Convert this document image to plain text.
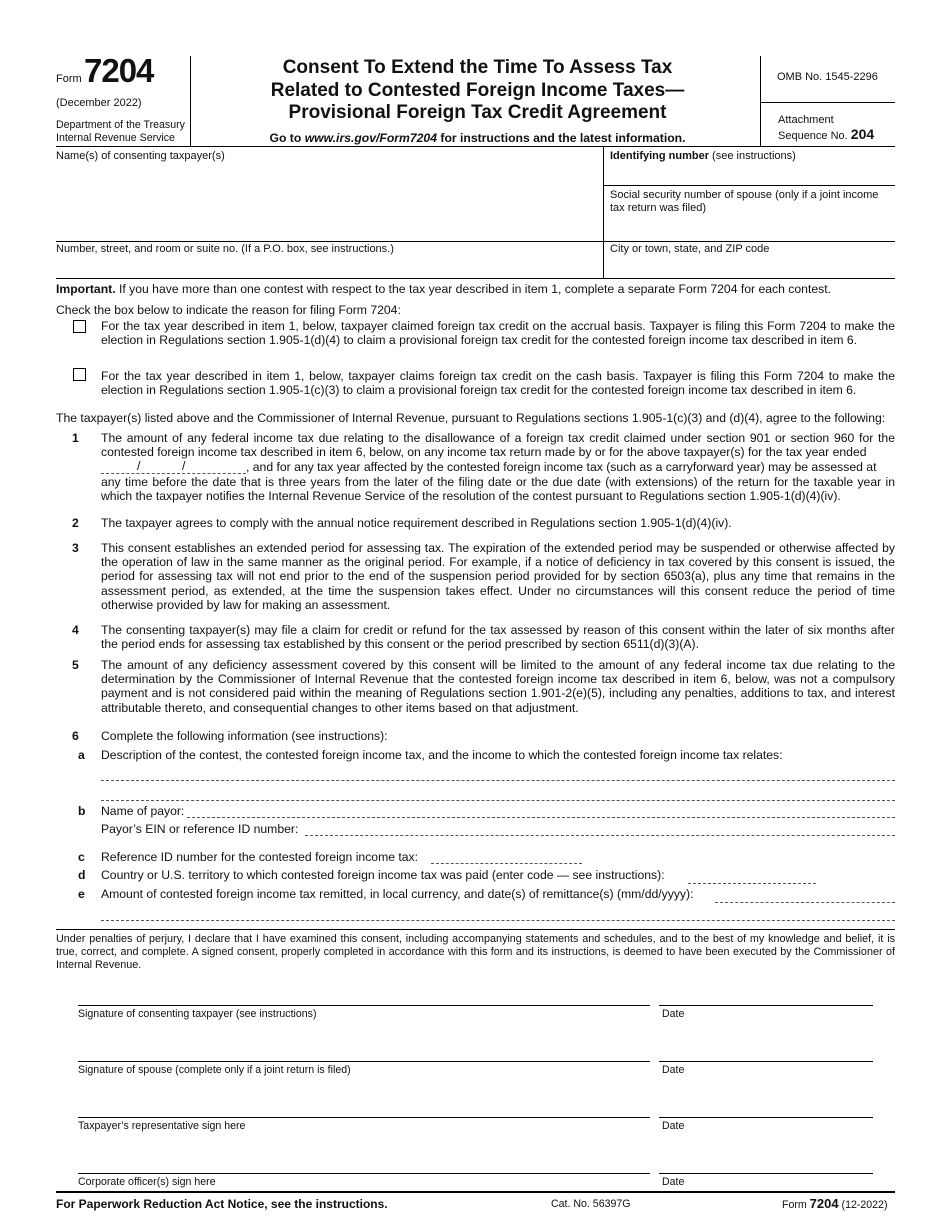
Form 7204
(December 2022)
Department of the Treasury
Internal Revenue Service
Consent To Extend the Time To Assess Tax
Related to Contested Foreign Income Taxes—
Provisional Foreign Tax Credit Agreement
Go to www.irs.gov/Form7204 for instructions and the latest information.
OMB No. 1545-2296
Attachment
Sequence No. 204
Name(s) of consenting taxpayer(s)	Identifying number (see instructions)
Social security number of spouse (only if a joint income tax return was filed)
Number, street, and room or suite no. (If a P.O. box, see instructions.)	City or town, state, and ZIP code
Important. If you have more than one contest with respect to the tax year described in item 1, complete a separate Form 7204 for each contest.
Check the box below to indicate the reason for filing Form 7204:
For the tax year described in item 1, below, taxpayer claimed foreign tax credit on the accrual basis. Taxpayer is filing this Form 7204 to make the election in Regulations section 1.905-1(d)(4) to claim a provisional foreign tax credit for the contested foreign income tax described in item 6.
For the tax year described in item 1, below, taxpayer claims foreign tax credit on the cash basis. Taxpayer is filing this Form 7204 to make the election in Regulations section 1.905-1(c)(3) to claim a provisional foreign tax credit for the contested foreign income tax described in item 6.
The taxpayer(s) listed above and the Commissioner of Internal Revenue, pursuant to Regulations sections 1.905-1(c)(3) and (d)(4), agree to the following:
1 The amount of any federal income tax due relating to the disallowance of a foreign tax credit claimed under section 901 or section 960 for the contested foreign income tax described in item 6, below, on any income tax return made by or for the above taxpayer(s) for the tax year ended
/	/	, and for any tax year affected by the contested foreign income tax (such as a carryforward year) may be assessed at
any time before the date that is three years from the later of the filing date or the due date (with extensions) of the return for the taxable year in which the taxpayer notifies the Internal Revenue Service of the resolution of the contest pursuant to Regulations section 1.905-1(d)(4)(iv).
2 The taxpayer agrees to comply with the annual notice requirement described in Regulations section 1.905-1(d)(4)(iv).
3 This consent establishes an extended period for assessing tax. The expiration of the extended period may be suspended or otherwise affected by the operation of law in the same manner as the original period. For example, if a notice of deficiency in tax covered by this consent is issued, the period for assessing tax will not end prior to the end of the suspension period provided for by section 6503(a), plus any time that remains in the assessment period, as extended, at the time the suspension takes effect. Under no circumstances will this consent reduce the period of time otherwise provided by law for making an assessment.
4 The consenting taxpayer(s) may file a claim for credit or refund for the tax assessed by reason of this consent within the later of six months after the period ends for assessing tax established by this consent or the period prescribed by section 6511(d)(3)(A).
5 The amount of any deficiency assessment covered by this consent will be limited to the amount of any federal income tax due relating to the determination by the Commissioner of Internal Revenue that the contested foreign income tax described in item 6, below, was not a compulsory payment and is not considered paid within the meaning of Regulations section 1.901-2(e)(5), including any penalties, additions to tax, and interest attributable thereto, and consequential changes to other items based on that adjustment.
6 Complete the following information (see instructions):
a Description of the contest, the contested foreign income tax, and the income to which the contested foreign income tax relates:
b Name of payor:
Payor’s EIN or reference ID number:
c Reference ID number for the contested foreign income tax:
d Country or U.S. territory to which contested foreign income tax was paid (enter code — see instructions):
e Amount of contested foreign income tax remitted, in local currency, and date(s) of remittance(s) (mm/dd/yyyy):
Under penalties of perjury, I declare that I have examined this consent, including accompanying statements and schedules, and to the best of my knowledge and belief, it is true, correct, and complete. A signed consent, properly completed in accordance with this form and its instructions, is deemed to have been executed by the Commissioner of Internal Revenue.
Signature of consenting taxpayer (see instructions)	Date
Signature of spouse (complete only if a joint return is filed)	Date
Taxpayer’s representative sign here	Date
Corporate officer(s) sign here	Date
For Paperwork Reduction Act Notice, see the instructions.	Cat. No. 56397G	Form 7204 (12-2022)
